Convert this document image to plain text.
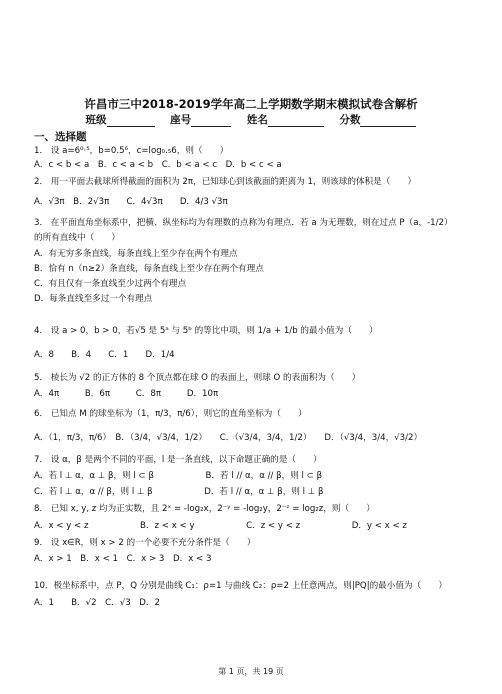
许昌市三中2018-2019学年高二上学期数学期末模拟试卷含解析
班级	座号	姓名	分数
一、选择题
1． 设 a=6⁰·⁵，b=0.5⁶，c=log₀.₅6，则（　　）
A．c < b < a　B．c < a < b　C．b < a < c　D．b < c < a
2． 用一平面去截球所得截面的面积为 2π，已知球心到该截面的距离为 1，则该球的体积是（　　）
A．√3π　B．2√3π　　C．4√3π　　D．4/3 √3π
3． 在平面直角坐标系中，把横、纵坐标均为有理数的点称为有理点．若 a 为无理数，则在过点 P（a，-1/2）
的所有直线中（　　）
A．有无穷多条直线，每条直线上至少存在两个有理点
B．恰有 n（n≥2）条直线，每条直线上至少存在两个有理点
C．有且仅有一条直线至少过两个有理点
D．每条直线至多过一个有理点
4． 设 a > 0，b > 0，若√5 是 5ᵃ 与 5ᵇ 的等比中项，则 1/a + 1/b 的最小值为（　　）
A．8　　B．4　　C．1　　D．1/4
5． 棱长为 √2 的正方体的 8 个顶点都在球 O 的表面上，则球 O 的表面积为（　　）
A．4π　　　B．6π　　　C．8π　　　D．10π
6． 已知点 M 的球坐标为（1，π/3，π/6），则它的直角坐标为（　　）
A．（1，π/3，π/6）　B．（3/4，√3/4，1/2）　　C．（√3/4，3/4，1/2）　　D．（√3/4，3/4，√3/2）
7． 设 α，β 是两个不同的平面，l 是一条直线，以下命题正确的是（　　）
A．若 l ⊥ α，α ⊥ β，则 l ⊂ β　　　　　　B．若 l // α，α // β，则 l ⊂ β
C．若 l ⊥ α，α // β，则 l ⊥ β　　　　　　D．若 l // α，α ⊥ β，则 l ⊥ β
8． 已知 x, y, z 均为正实数，且 2ˣ = -log₂x，2⁻ʸ = -log₂y，2⁻ᶻ = log₂z，则（　　）
A．x < y < z　　　　　　B．z < x < y　　　　　　C．z < y < z　　　　　　D．y < x < z
9． 设 x∈R，则 x > 2 的一个必要不充分条件是（　　）
A．x > 1　B．x < 1　C．x > 3　D．x < 3
10．极坐标系中，点 P，Q 分别是曲线 C₁：ρ=1 与曲线 C₂：ρ=2 上任意两点，则|PQ|的最小值为（　　）
A．1　　B．√2　C．√3　D．2
第 1 页，共 19 页
